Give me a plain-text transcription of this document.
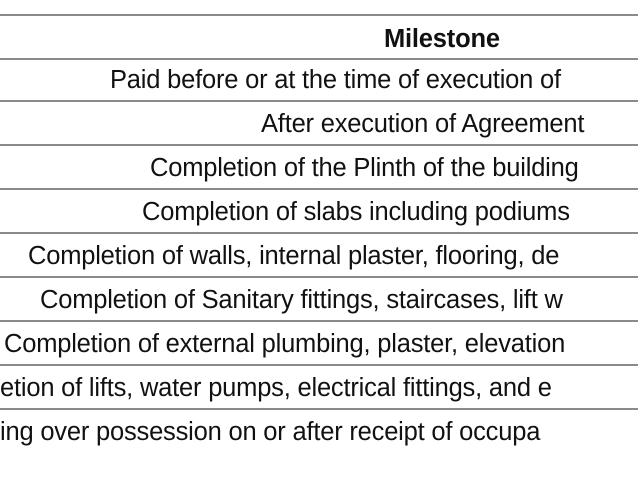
Milestone
Paid before or at the time of execution of
After execution of Agreement
Completion of the Plinth of the building
Completion of slabs including podiums
Completion of walls, internal plaster, flooring, de
Completion of Sanitary fittings, staircases, lift w
Completion of external plumbing, plaster, elevation
etion of lifts, water pumps, electrical fittings, and e
ing over possession on or after receipt of occupa
